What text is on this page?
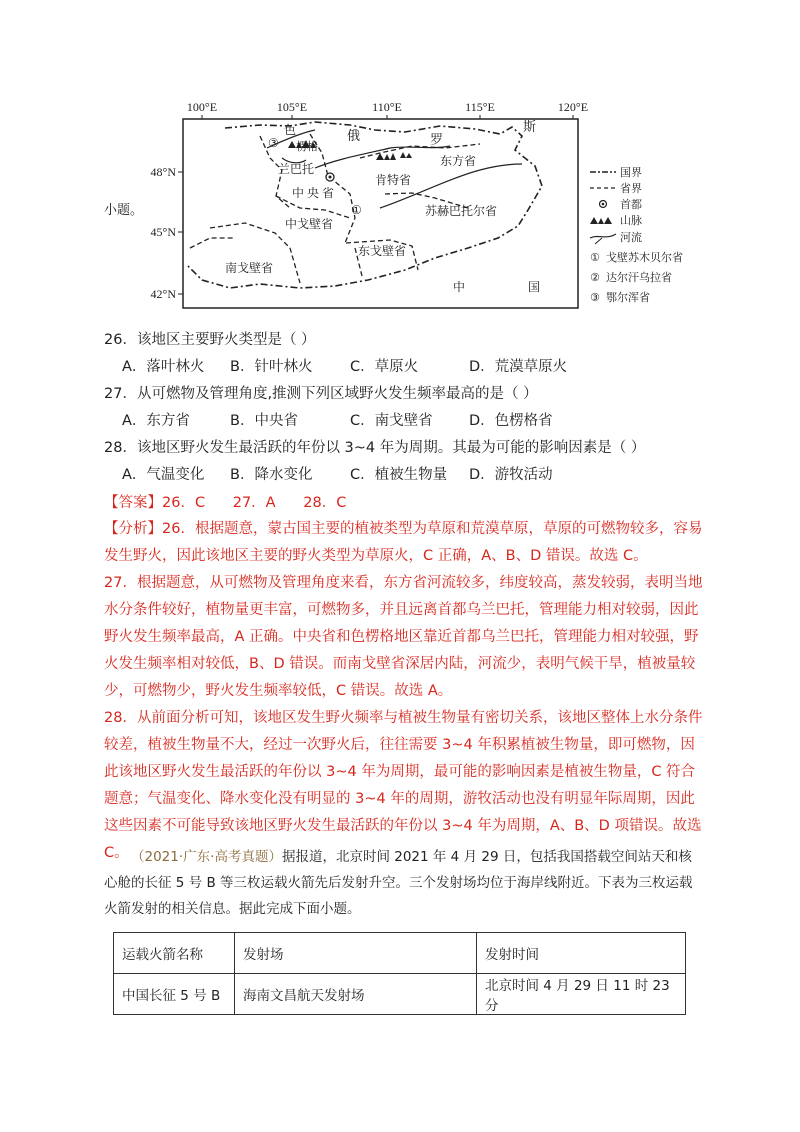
100°E	105°E	110°E	115°E	120°E
48°N
45°N
42°N
俄	罗
斯
色
楞格
兰巴托
中 央 省
肯特省
东方省
中戈壁省
苏赫巴托尔省
东戈壁省
南戈壁省
中	国
①
③
国界
省界
首都
山脉
河流
① 戈壁苏木贝尔省
② 达尔汗乌拉省
③ 鄂尔浑省
小题。
26．该地区主要野火类型是（ ）
A．落叶林火 B．针叶林火	C．草原火	D．荒漠草原火
27．从可燃物及管理角度,推测下列区域野火发生频率最高的是（ ）
A．东方省	B．中央省	C．南戈壁省	D．色楞格省
28．该地区野火发生最活跃的年份以 3~4 年为周期。其最为可能的影响因素是（ ）
A．气温变化 B．降水变化	C．植被生物量 D．游牧活动
【答案】26．C      27．A      28．C

【分析】26．根据题意，蒙古国主要的植被类型为草原和荒漠草原，草原的可燃物较多，容易发生野火，因此该地区主要的野火类型为草原火，C 正确，A、B、D 错误。故选 C。

27．根据题意，从可燃物及管理角度来看，东方省河流较多，纬度较高，蒸发较弱，表明当地水分条件较好，植物量更丰富，可燃物多，并且远离首都乌兰巴托，管理能力相对较弱，因此野火发生频率最高，A 正确。中央省和色楞格地区靠近首都乌兰巴托，管理能力相对较强，野火发生频率相对较低，B、D 错误。而南戈壁省深居内陆，河流少，表明气候干旱，植被量较少，可燃物少，野火发生频率较低，C 错误。故选 A。

28．从前面分析可知，该地区发生野火频率与植被生物量有密切关系，该地区整体上水分条件较差，植被生物量不大，经过一次野火后，往往需要 3~4 年积累植被生物量，即可燃物，因此该地区野火发生最活跃的年份以 3~4 年为周期，最可能的影响因素是植被生物量，C 符合题意；气温变化、降水变化没有明显的 3~4 年的周期，游牧活动也没有明显年际周期，因此这些因素不可能导致该地区野火发生最活跃的年份以 3~4 年为周期，A、B、D 项错误。故选 C。 （2021·广东·高考真题）据报道，北京时间 2021 年 4 月 29 日，包括我国搭载空间站天和核心舱的长征 5 号 B 等三枚运载火箭先后发射升空。三个发射场均位于海岸线附近。下表为三枚运载火箭发射的相关信息。据此完成下面小题。
运载火箭名称	发射场	发射时间
中国长征 5 号 B	海南文昌航天发射场	北京时间 4 月 29 日 11 时 23 分
